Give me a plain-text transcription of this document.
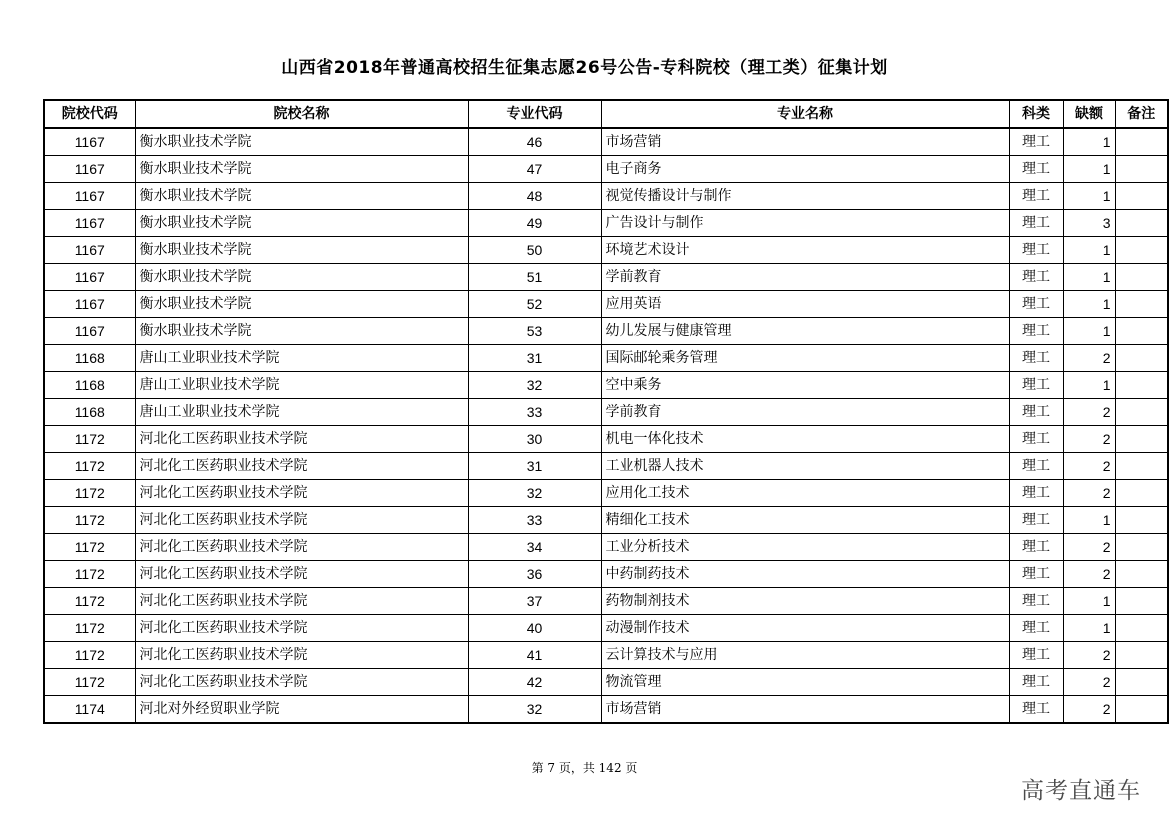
山西省2018年普通高校招生征集志愿26号公告-专科院校（理工类）征集计划
院校代码	院校名称	专业代码	专业名称	科类	缺额	备注
1167	衡水职业技术学院	46	市场营销	理工	1	
1167	衡水职业技术学院	47	电子商务	理工	1	
1167	衡水职业技术学院	48	视觉传播设计与制作	理工	1	
1167	衡水职业技术学院	49	广告设计与制作	理工	3	
1167	衡水职业技术学院	50	环境艺术设计	理工	1	
1167	衡水职业技术学院	51	学前教育	理工	1	
1167	衡水职业技术学院	52	应用英语	理工	1	
1167	衡水职业技术学院	53	幼儿发展与健康管理	理工	1	
1168	唐山工业职业技术学院	31	国际邮轮乘务管理	理工	2	
1168	唐山工业职业技术学院	32	空中乘务	理工	1	
1168	唐山工业职业技术学院	33	学前教育	理工	2	
1172	河北化工医药职业技术学院	30	机电一体化技术	理工	2	
1172	河北化工医药职业技术学院	31	工业机器人技术	理工	2	
1172	河北化工医药职业技术学院	32	应用化工技术	理工	2	
1172	河北化工医药职业技术学院	33	精细化工技术	理工	1	
1172	河北化工医药职业技术学院	34	工业分析技术	理工	2	
1172	河北化工医药职业技术学院	36	中药制药技术	理工	2	
1172	河北化工医药职业技术学院	37	药物制剂技术	理工	1	
1172	河北化工医药职业技术学院	40	动漫制作技术	理工	1	
1172	河北化工医药职业技术学院	41	云计算技术与应用	理工	2	
1172	河北化工医药职业技术学院	42	物流管理	理工	2	
1174	河北对外经贸职业学院	32	市场营销	理工	2	
第 7 页，共 142 页
高考直通车
